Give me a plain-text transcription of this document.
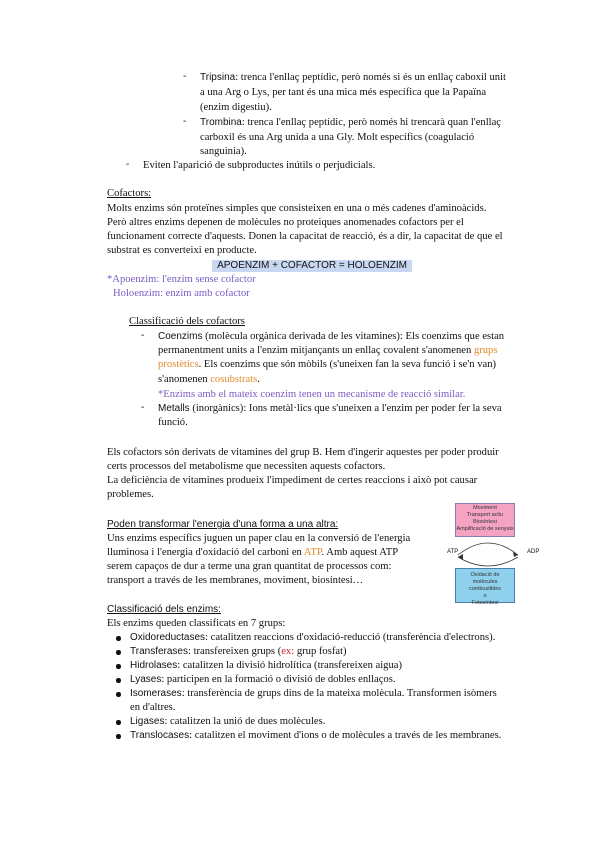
- Tripsina: trenca l'enllaç peptídic, però només si és un enllaç caboxil unit
a una Arg o Lys, per tant és una mica més específica que la Papaïna
(enzim digestiu).
- Trombina: trenca l'enllaç peptídic, però només hi trencarà quan l'enllaç
carboxil és una Arg unida a una Gly. Molt específics (coagulació
sanguinia).
- Eviten l'aparició de subproductes inútils o perjudicials.
Cofactors:
Molts enzims són proteïnes simples que consisteixen en una o més cadenes d'aminoàcids.
Però altres enzims depenen de molècules no proteiques anomenades cofactors per el
funcionament correcte d'aquests. Donen la capacitat de reacció, és a dir, la capacitat de que el
substrat es converteixi en producte.
APOENZIM + COFACTOR = HOLOENZIM
*Apoenzim: l'enzim sense cofactor
Holoenzim: enzim amb cofactor
Classificació dels cofactors
- Coenzims (molècula orgànica derivada de les vitamines): Els coenzims que estan
permanentment units a l'enzim mitjançants un enllaç covalent s'anomenen grups
prostètics. Els coenzims que són mòbils (s'uneixen fan la seva funció i se'n van)
s'anomenen cosubstrats.
*Enzims amb el mateix coenzim tenen un mecanisme de reacció similar.
- Metalls (inorgànics): Ions metàl·lics que s'uneixen a l'enzim per poder fer la seva
funció.
Els cofactors són derivats de vitamines del grup B. Hem d'ingerir aquestes per poder produir
certs processos del metabolisme que necessiten aquests cofactors.
La deficiència de vitamines produeix l'impediment de certes reaccions i això pot causar
problemes.
Poden transformar l'energia d'una forma a una altra:
Uns enzims específics juguen un paper clau en la conversió de l'energia
lluminosa i l'energia d'oxidació del carboni en ATP. Amb aquest ATP
serem capaços de dur a terme una gran quantitat de processos com:
transport a través de les membranes, moviment, biosíntesi…
Moviment
Transport actiu
Biosíntesi
Amplificació de senyals
ATP	ADP
Oxidació de
molècules combustibles
o
Fotosíntesi
Classificació dels enzims:
Els enzims queden classificats en 7 grups:
Oxidoreductases: catalitzen reaccions d'oxidació-reducció (transferència d'electrons).
Transferases: transfereixen grups (ex: grup fosfat)
Hidrolases: catalitzen la divisió hidrolítica (transfereixen aigua)
Lyases: participen en la formació o divisió de dobles enllaços.
Isomerases: transferència de grups dins de la mateixa molècula. Transformen isòmers
en d'altres.
Ligases: catalitzen la unió de dues molècules.
Translocases: catalitzen el moviment d'ions o de molècules a través de les membranes.
